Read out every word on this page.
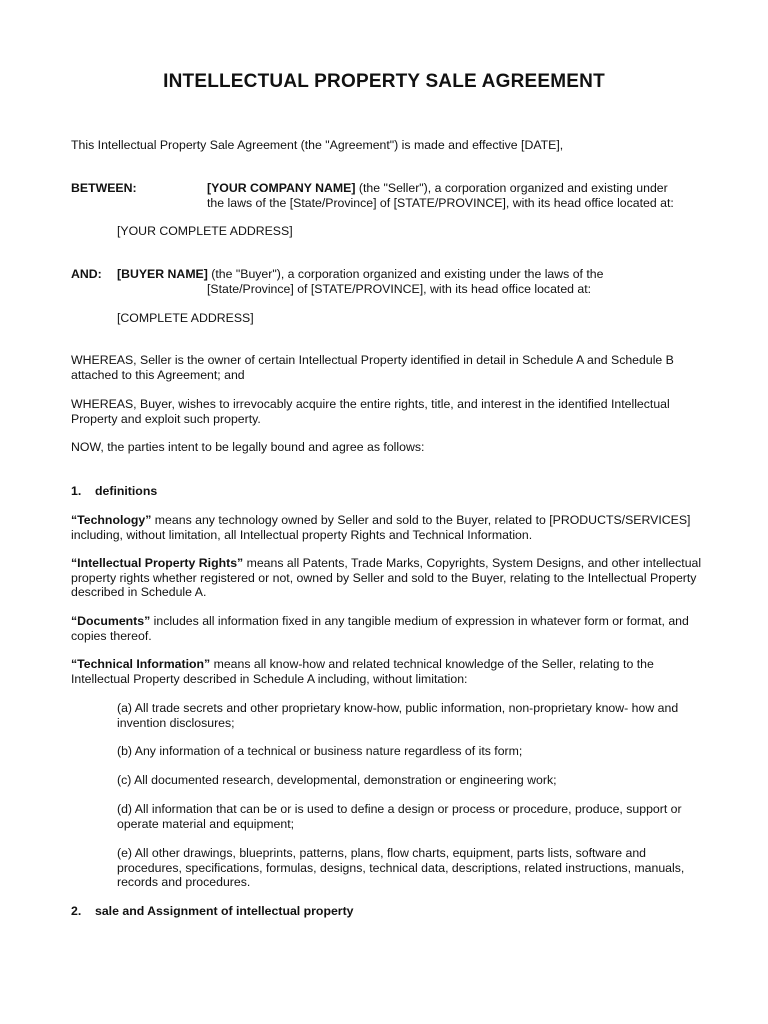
INTELLECTUAL PROPERTY SALE AGREEMENT

This Intellectual Property Sale Agreement (the "Agreement") is made and effective [DATE],

BETWEEN:	[YOUR COMPANY NAME] (the "Seller"), a corporation organized and existing under
the laws of the [State/Province] of [STATE/PROVINCE], with its head office located at:
[YOUR COMPLETE ADDRESS]
AND: [BUYER NAME] (the "Buyer"), a corporation organized and existing under the laws of the
[State/Province] of [STATE/PROVINCE], with its head office located at:
[COMPLETE ADDRESS]

WHEREAS, Seller is the owner of certain Intellectual Property identified in detail in Schedule A and Schedule B attached to this Agreement; and

WHEREAS, Buyer, wishes to irrevocably acquire the entire rights, title, and interest in the identified Intellectual Property and exploit such property.

NOW, the parties intent to be legally bound and agree as follows:

1. definitions

“Technology” means any technology owned by Seller and sold to the Buyer, related to [PRODUCTS/SERVICES] including, without limitation, all Intellectual property Rights and Technical Information.

“Intellectual Property Rights” means all Patents, Trade Marks, Copyrights, System Designs, and other intellectual property rights whether registered or not, owned by Seller and sold to the Buyer, relating to the Intellectual Property described in Schedule A.

“Documents” includes all information fixed in any tangible medium of expression in whatever form or format, and copies thereof.

“Technical Information” means all know-how and related technical knowledge of the Seller, relating to the Intellectual Property described in Schedule A including, without limitation:

(a) All trade secrets and other proprietary know-how, public information, non-proprietary know- how and invention disclosures;

(b) Any information of a technical or business nature regardless of its form;

(c) All documented research, developmental, demonstration or engineering work;

(d) All information that can be or is used to define a design or process or procedure, produce, support or operate material and equipment;

(e) All other drawings, blueprints, patterns, plans, flow charts, equipment, parts lists, software and procedures, specifications, formulas, designs, technical data, descriptions, related instructions, manuals, records and procedures.

2. sale and Assignment of intellectual property
